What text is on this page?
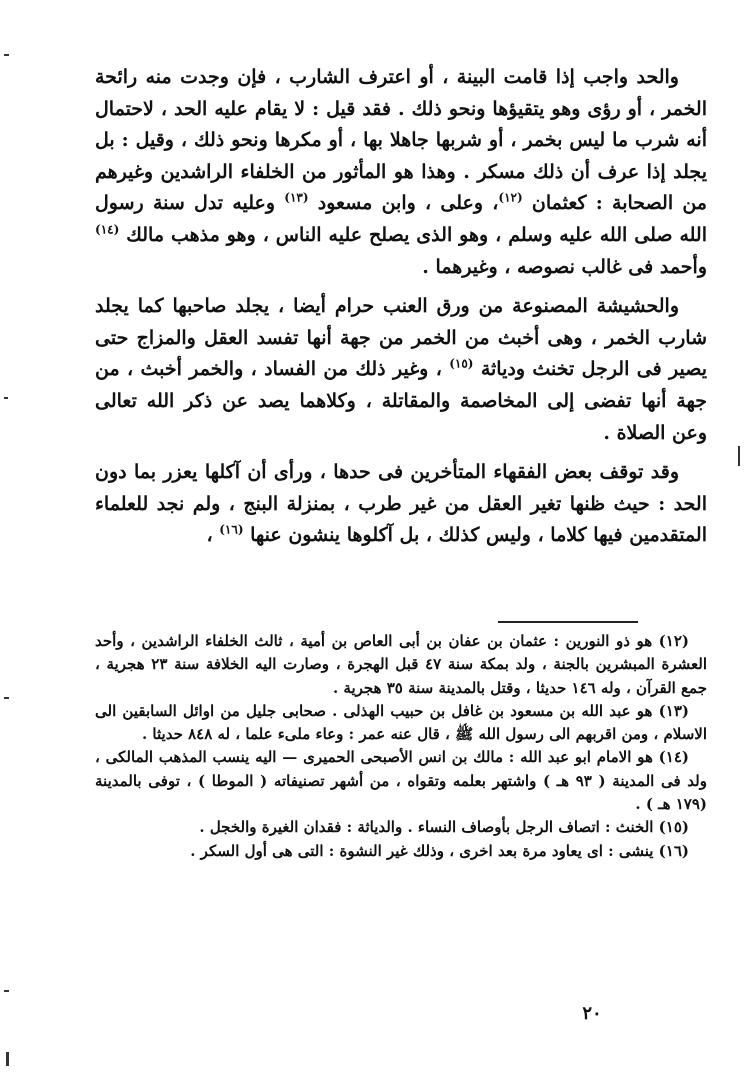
والحد واجب إذا قامت البينة ، أو اعترف الشارب ، فإن وجدت منه رائحة الخمر ، أو رؤى وهو يتقيؤها ونحو ذلك . فقد قيل : لا يقام عليه الحد ، لاحتمال أنه شرب ما ليس بخمر ، أو شربها جاهلا بها ، أو مكرها ونحو ذلك ، وقيل : بل يجلد إذا عرف أن ذلك مسكر . وهذا هو المأثور من الخلفاء الراشدين وغيرهم من الصحابة : كعثمان $^{(١٢)}$، وعلى ، وابن مسعود $^{(١٣)}$ وعليه تدل سنة رسول الله صلى الله عليه وسلم ، وهو الذى يصلح عليه الناس ، وهو مذهب مالك $^{(١٤)}$ وأحمد فى غالب نصوصه ، وغيرهما .

والحشيشة المصنوعة من ورق العنب حرام أيضا ، يجلد صاحبها كما يجلد شارب الخمر ، وهى أخبث من الخمر من جهة أنها تفسد العقل والمزاج حتى يصير فى الرجل تخنث ودياثة $^{(١٥)}$ ، وغير ذلك من الفساد ، والخمر أخبث ، من جهة أنها تفضى إلى المخاصمة والمقاتلة ، وكلاهما يصد عن ذكر الله تعالى وعن الصلاة .

وقد توقف بعض الفقهاء المتأخرين فى حدها ، ورأى أن آكلها يعزر بما دون الحد : حيث ظنها تغير العقل من غير طرب ، بمنزلة البنج ، ولم نجد للعلماء المتقدمين فيها كلاما ، وليس كذلك ، بل آكلوها ينشون عنها $^{(١٦)}$ ،

(١٢) هو ذو النورين : عثمان بن عفان بن أبى العاص بن أمية ، ثالث الخلفاء الراشدين ، وأحد العشرة المبشرين بالجنة ، ولد بمكة سنة ٤٧ قبل الهجرة ، وصارت اليه الخلافة سنة ٢٣ هجرية ، جمع القرآن ، وله ١٤٦ حديثا ، وقتل بالمدينة سنة ٣٥ هجرية .

(١٣) هو عبد الله بن مسعود بن غافل بن حبيب الهذلى . صحابى جليل من اوائل السابقين الى الاسلام ، ومن اقربهم الى رسول الله ﷺ ، قال عنه عمر : وعاء ملىء علما ، له ٨٤٨ حديثا .

(١٤) هو الامام ابو عبد الله : مالك بن انس الأصبحى الحميرى — اليه ينسب المذهب المالكى ، ولد فى المدينة ( ٩٣ هـ ) واشتهر بعلمه وتقواه ، من أشهر تصنيفاته ( الموطا ) ، توفى بالمدينة (١٧٩ هـ ) .

(١٥) الخنث : اتصاف الرجل بأوصاف النساء . والدياثة : فقدان الغيرة والخجل .

(١٦) ينشى : اى يعاود مرة بعد اخرى ، وذلك غير النشوة : التى هى أول السكر .

٢٠
